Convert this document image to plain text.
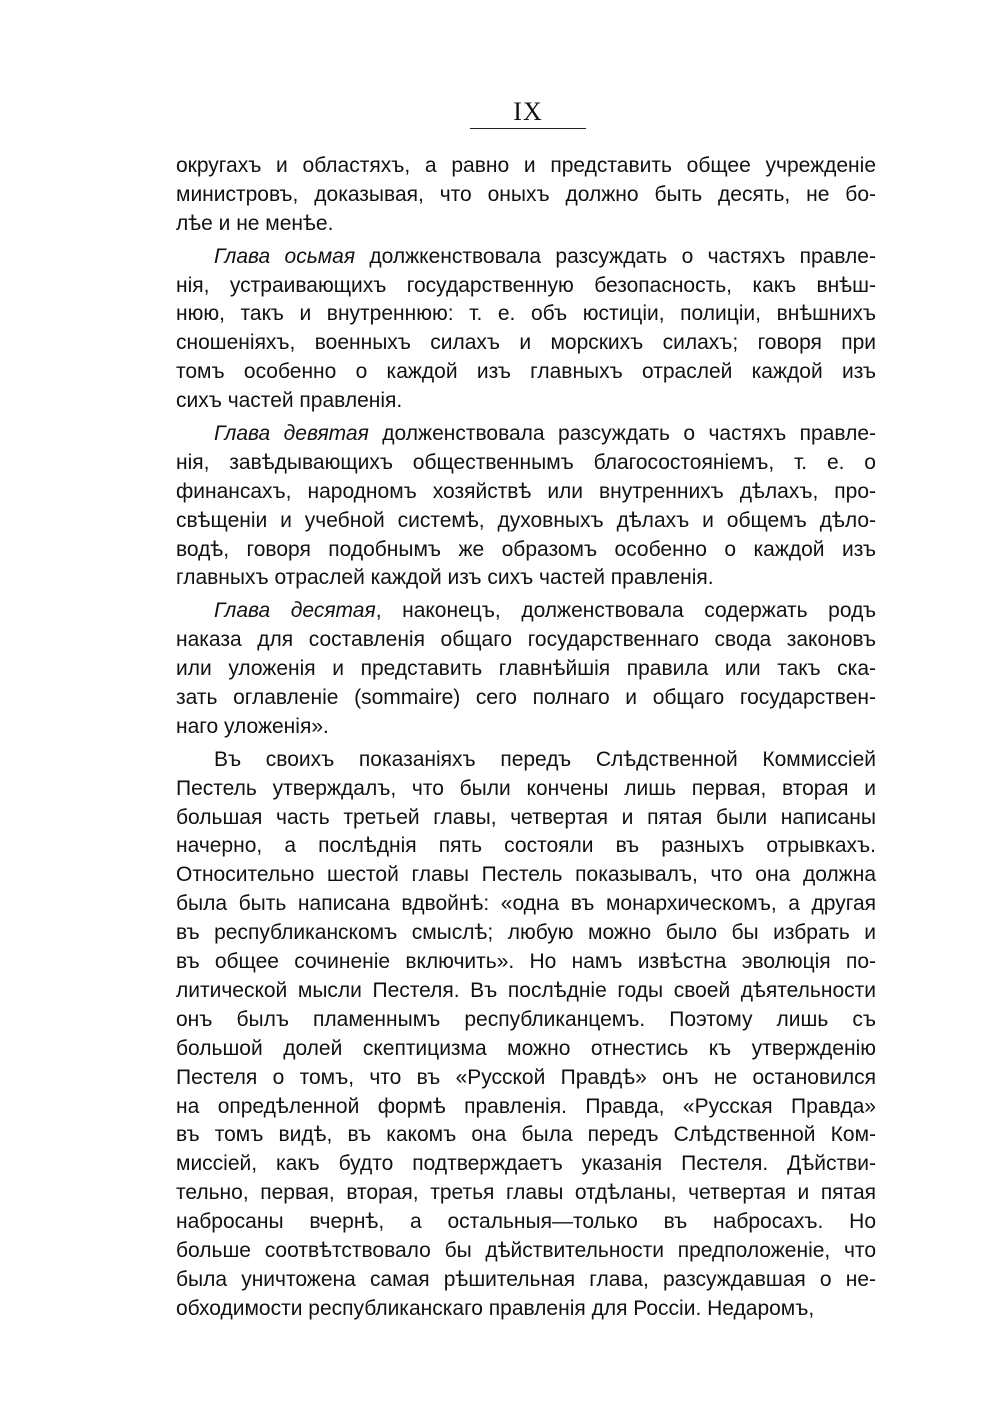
IX
округахъ и областяхъ, а равно и представить общее учрежденіе
министровъ, доказывая, что оныхъ должно быть десять, не бо-
лѣе и не менѣе.
Глава осьмая должкенствовала разсуждать о частяхъ правле-
нія, устраивающихъ государственную безопасность, какъ внѣш-
нюю, такъ и внутреннюю: т. е. объ юстиціи, полиціи, внѣшнихъ
сношеніяхъ, военныхъ силахъ и морскихъ силахъ; говоря при
томъ особенно о каждой изъ главныхъ отраслей каждой изъ
сихъ частей правленія.
Глава девятая долженствовала разсуждать о частяхъ правле-
нія, завѣдывающихъ общественнымъ благосостояніемъ, т. е. о
финансахъ, народномъ хозяйствѣ или внутреннихъ дѣлахъ, про-
свѣщеніи и учебной системѣ, духовныхъ дѣлахъ и общемъ дѣло-
водѣ, говоря подобнымъ же образомъ особенно о каждой изъ
главныхъ отраслей каждой изъ сихъ частей правленія.
Глава десятая, наконецъ, долженствовала содержать родъ
наказа для составленія общаго государственнаго свода законовъ
или уложенія и представить главнѣйшія правила или такъ ска-
зать оглавленіе (sommaire) сего полнаго и общаго государствен-
наго уложенія».
Въ своихъ показаніяхъ передъ Слѣдственной Коммиссіей
Пестель утверждалъ, что были кончены лишь первая, вторая и
большая часть третьей главы, четвертая и пятая были написаны
начерно, а послѣднія пять состояли въ разныхъ отрывкахъ.
Относительно шестой главы Пестель показывалъ, что она должна
была быть написана вдвойнѣ: «одна въ монархическомъ, а другая
въ республиканскомъ смыслѣ; любую можно было бы избрать и
въ общее сочиненіе включить». Но намъ извѣстна эволюція по-
литической мысли Пестеля. Въ послѣдніе годы своей дѣятельности
онъ былъ пламеннымъ республиканцемъ. Поэтому лишь съ
большой долей скептицизма можно отнестись къ утвержденію
Пестеля о томъ, что въ «Русской Правдѣ» онъ не остановился
на опредѣленной формѣ правленія. Правда, «Русская Правда»
въ томъ видѣ, въ какомъ она была передъ Слѣдственной Ком-
миссіей, какъ будто подтверждаетъ указанія Пестеля. Дѣйстви-
тельно, первая, вторая, третья главы отдѣланы, четвертая и пятая
набросаны вчернѣ, а остальныя—только въ набросахъ. Но
больше соотвѣтствовало бы дѣйствительности предположеніе, что
была уничтожена самая рѣшительная глава, разсуждавшая о не-
обходимости республиканскаго правленія для Россіи. Недаромъ,
